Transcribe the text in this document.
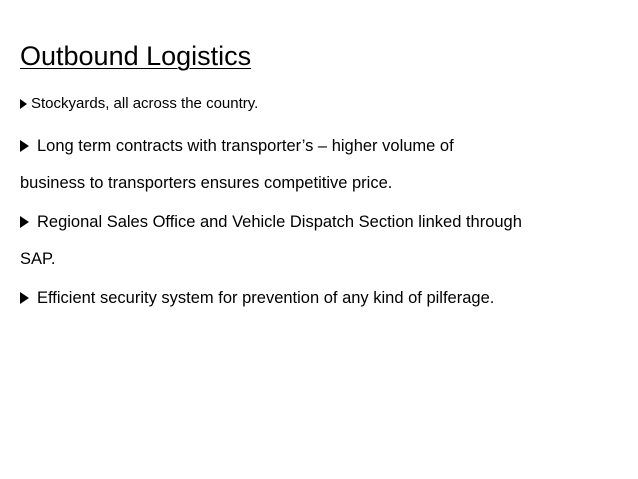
Outbound Logistics
Stockyards, all across the country.
Long term contracts with transporter’s – higher volume of
business to transporters ensures competitive price.
Regional Sales Office and Vehicle Dispatch Section linked through
SAP.
Efficient security system for prevention of any kind of pilferage.
